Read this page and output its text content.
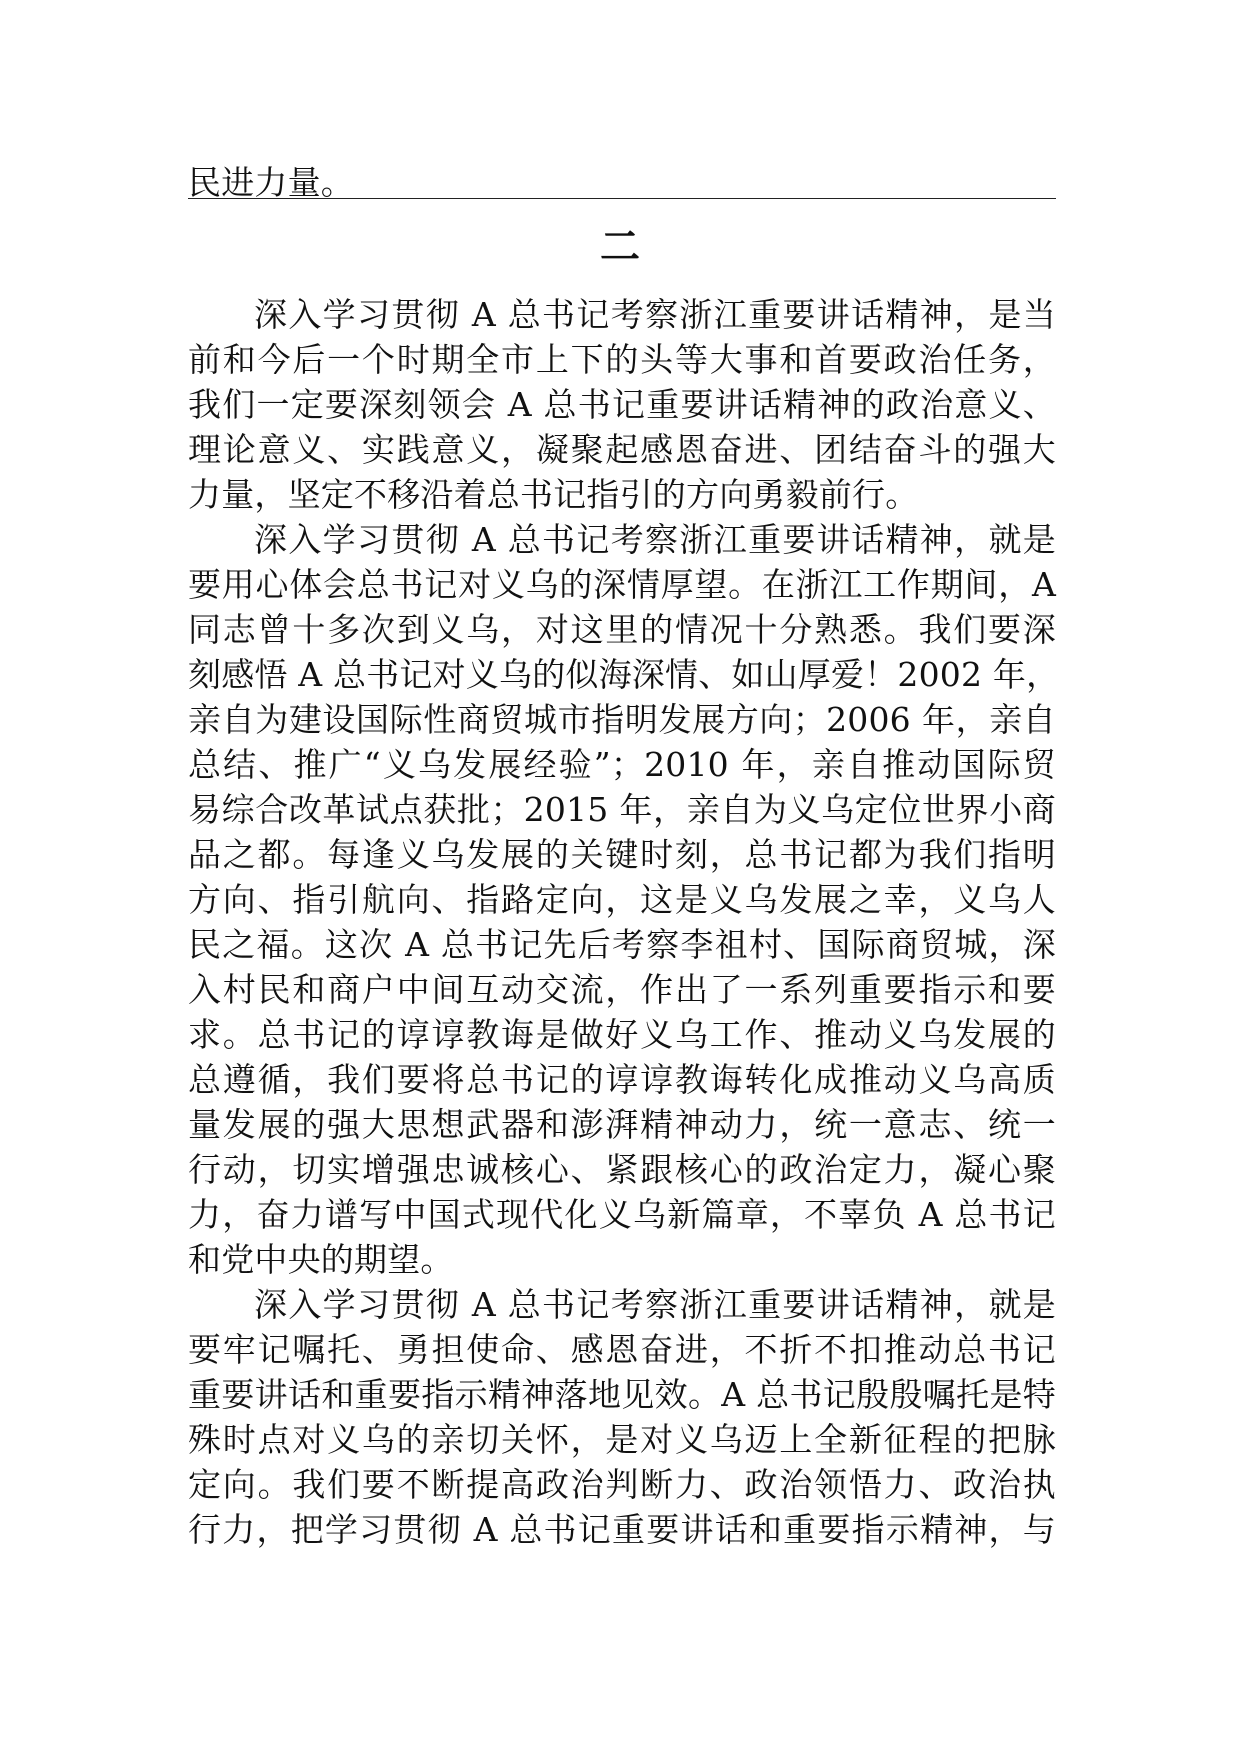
民进力量。
二
深入学习贯彻 A 总书记考察浙江重要讲话精神，是当
前和今后一个时期全市上下的头等大事和首要政治任务，
我们一定要深刻领会 A 总书记重要讲话精神的政治意义、
理论意义、实践意义，凝聚起感恩奋进、团结奋斗的强大
力量，坚定不移沿着总书记指引的方向勇毅前行。
深入学习贯彻 A 总书记考察浙江重要讲话精神，就是
要用心体会总书记对义乌的深情厚望。在浙江工作期间，A
同志曾十多次到义乌，对这里的情况十分熟悉。我们要深
刻感悟 A 总书记对义乌的似海深情、如山厚爱！2002 年，
亲自为建设国际性商贸城市指明发展方向；2006 年，亲自
总结、推广“义乌发展经验”；2010 年，亲自推动国际贸
易综合改革试点获批；2015 年，亲自为义乌定位世界小商
品之都。每逢义乌发展的关键时刻，总书记都为我们指明
方向、指引航向、指路定向，这是义乌发展之幸，义乌人
民之福。这次 A 总书记先后考察李祖村、国际商贸城，深
入村民和商户中间互动交流，作出了一系列重要指示和要
求。总书记的谆谆教诲是做好义乌工作、推动义乌发展的
总遵循，我们要将总书记的谆谆教诲转化成推动义乌高质
量发展的强大思想武器和澎湃精神动力，统一意志、统一
行动，切实增强忠诚核心、紧跟核心的政治定力，凝心聚
力，奋力谱写中国式现代化义乌新篇章，不辜负 A 总书记
和党中央的期望。
深入学习贯彻 A 总书记考察浙江重要讲话精神，就是
要牢记嘱托、勇担使命、感恩奋进，不折不扣推动总书记
重要讲话和重要指示精神落地见效。A 总书记殷殷嘱托是特
殊时点对义乌的亲切关怀，是对义乌迈上全新征程的把脉
定向。我们要不断提高政治判断力、政治领悟力、政治执
行力，把学习贯彻 A 总书记重要讲话和重要指示精神，与
